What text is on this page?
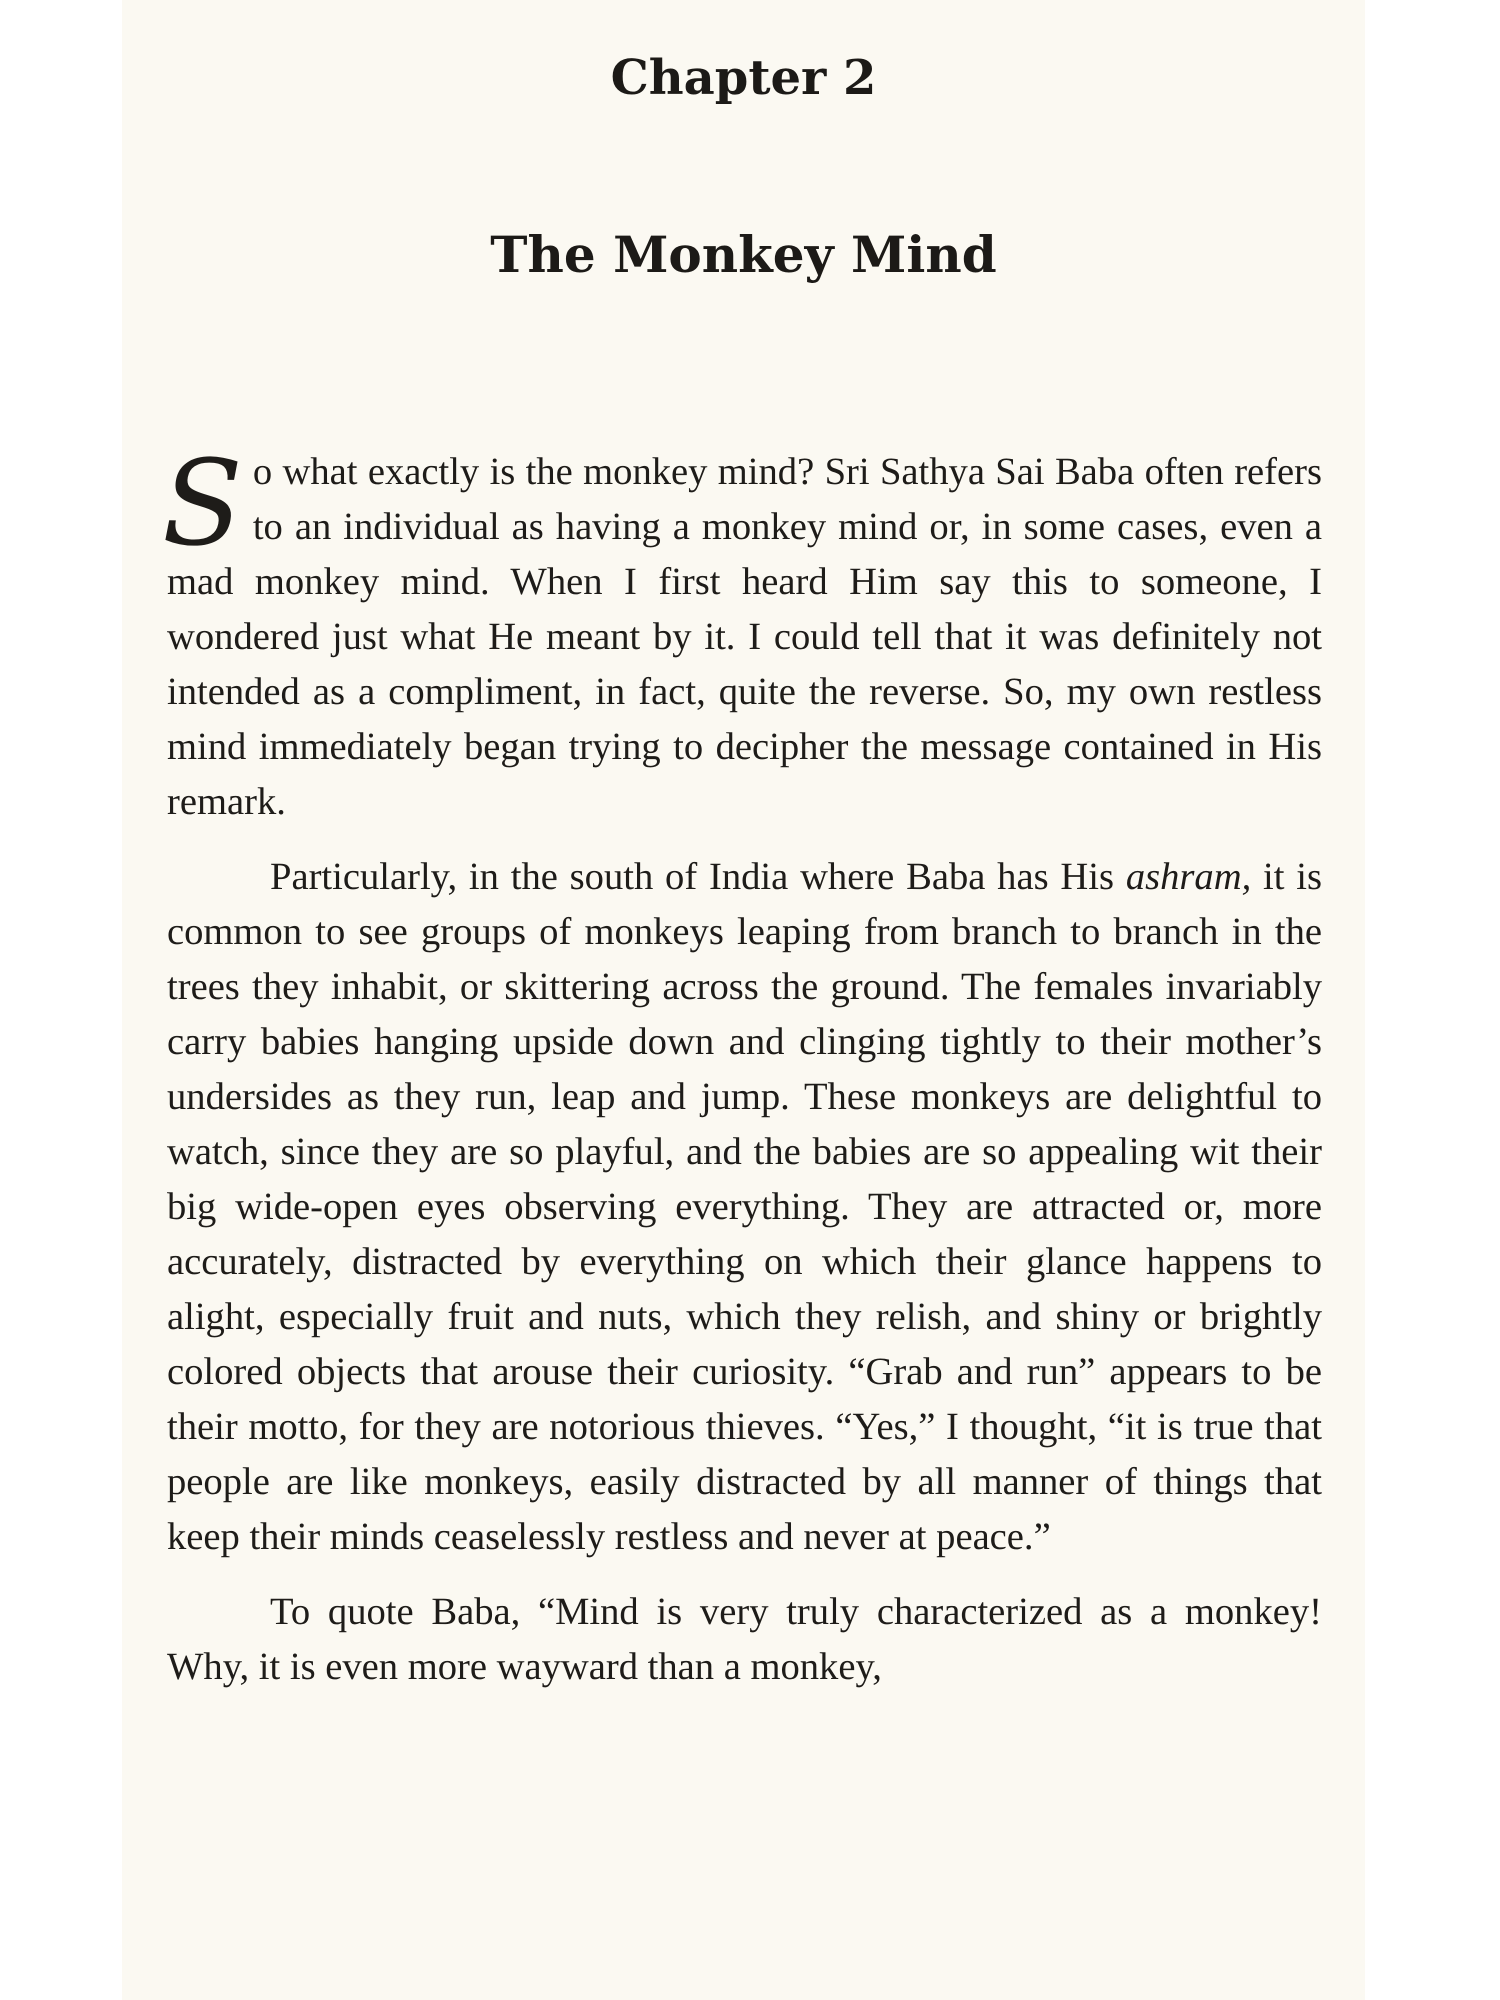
Chapter 2
The Monkey Mind

So what exactly is the monkey mind? Sri Sathya Sai Baba often refers to an individual as having a monkey mind or, in some cases, even a mad monkey mind. When I first heard Him say this to someone, I wondered just what He meant by it. I could tell that it was definitely not intended as a compliment, in fact, quite the reverse. So, my own restless mind immediately began trying to decipher the message contained in His remark.

Particularly, in the south of India where Baba has His ashram, it is common to see groups of monkeys leaping from branch to branch in the trees they inhabit, or skittering across the ground. The females invariably carry babies hanging upside down and clinging tightly to their mother’s undersides as they run, leap and jump. These monkeys are delightful to watch, since they are so playful, and the babies are so appealing wit their big wide-open eyes observing everything. They are attracted or, more accurately, distracted by everything on which their glance happens to alight, especially fruit and nuts, which they relish, and shiny or brightly colored objects that arouse their curiosity. “Grab and run” appears to be their motto, for they are notorious thieves. “Yes,” I thought, “it is true that people are like monkeys, easily distracted by all manner of things that keep their minds ceaselessly restless and never at peace.”

To quote Baba, “Mind is very truly characterized as a monkey! Why, it is even more wayward than a monkey,
